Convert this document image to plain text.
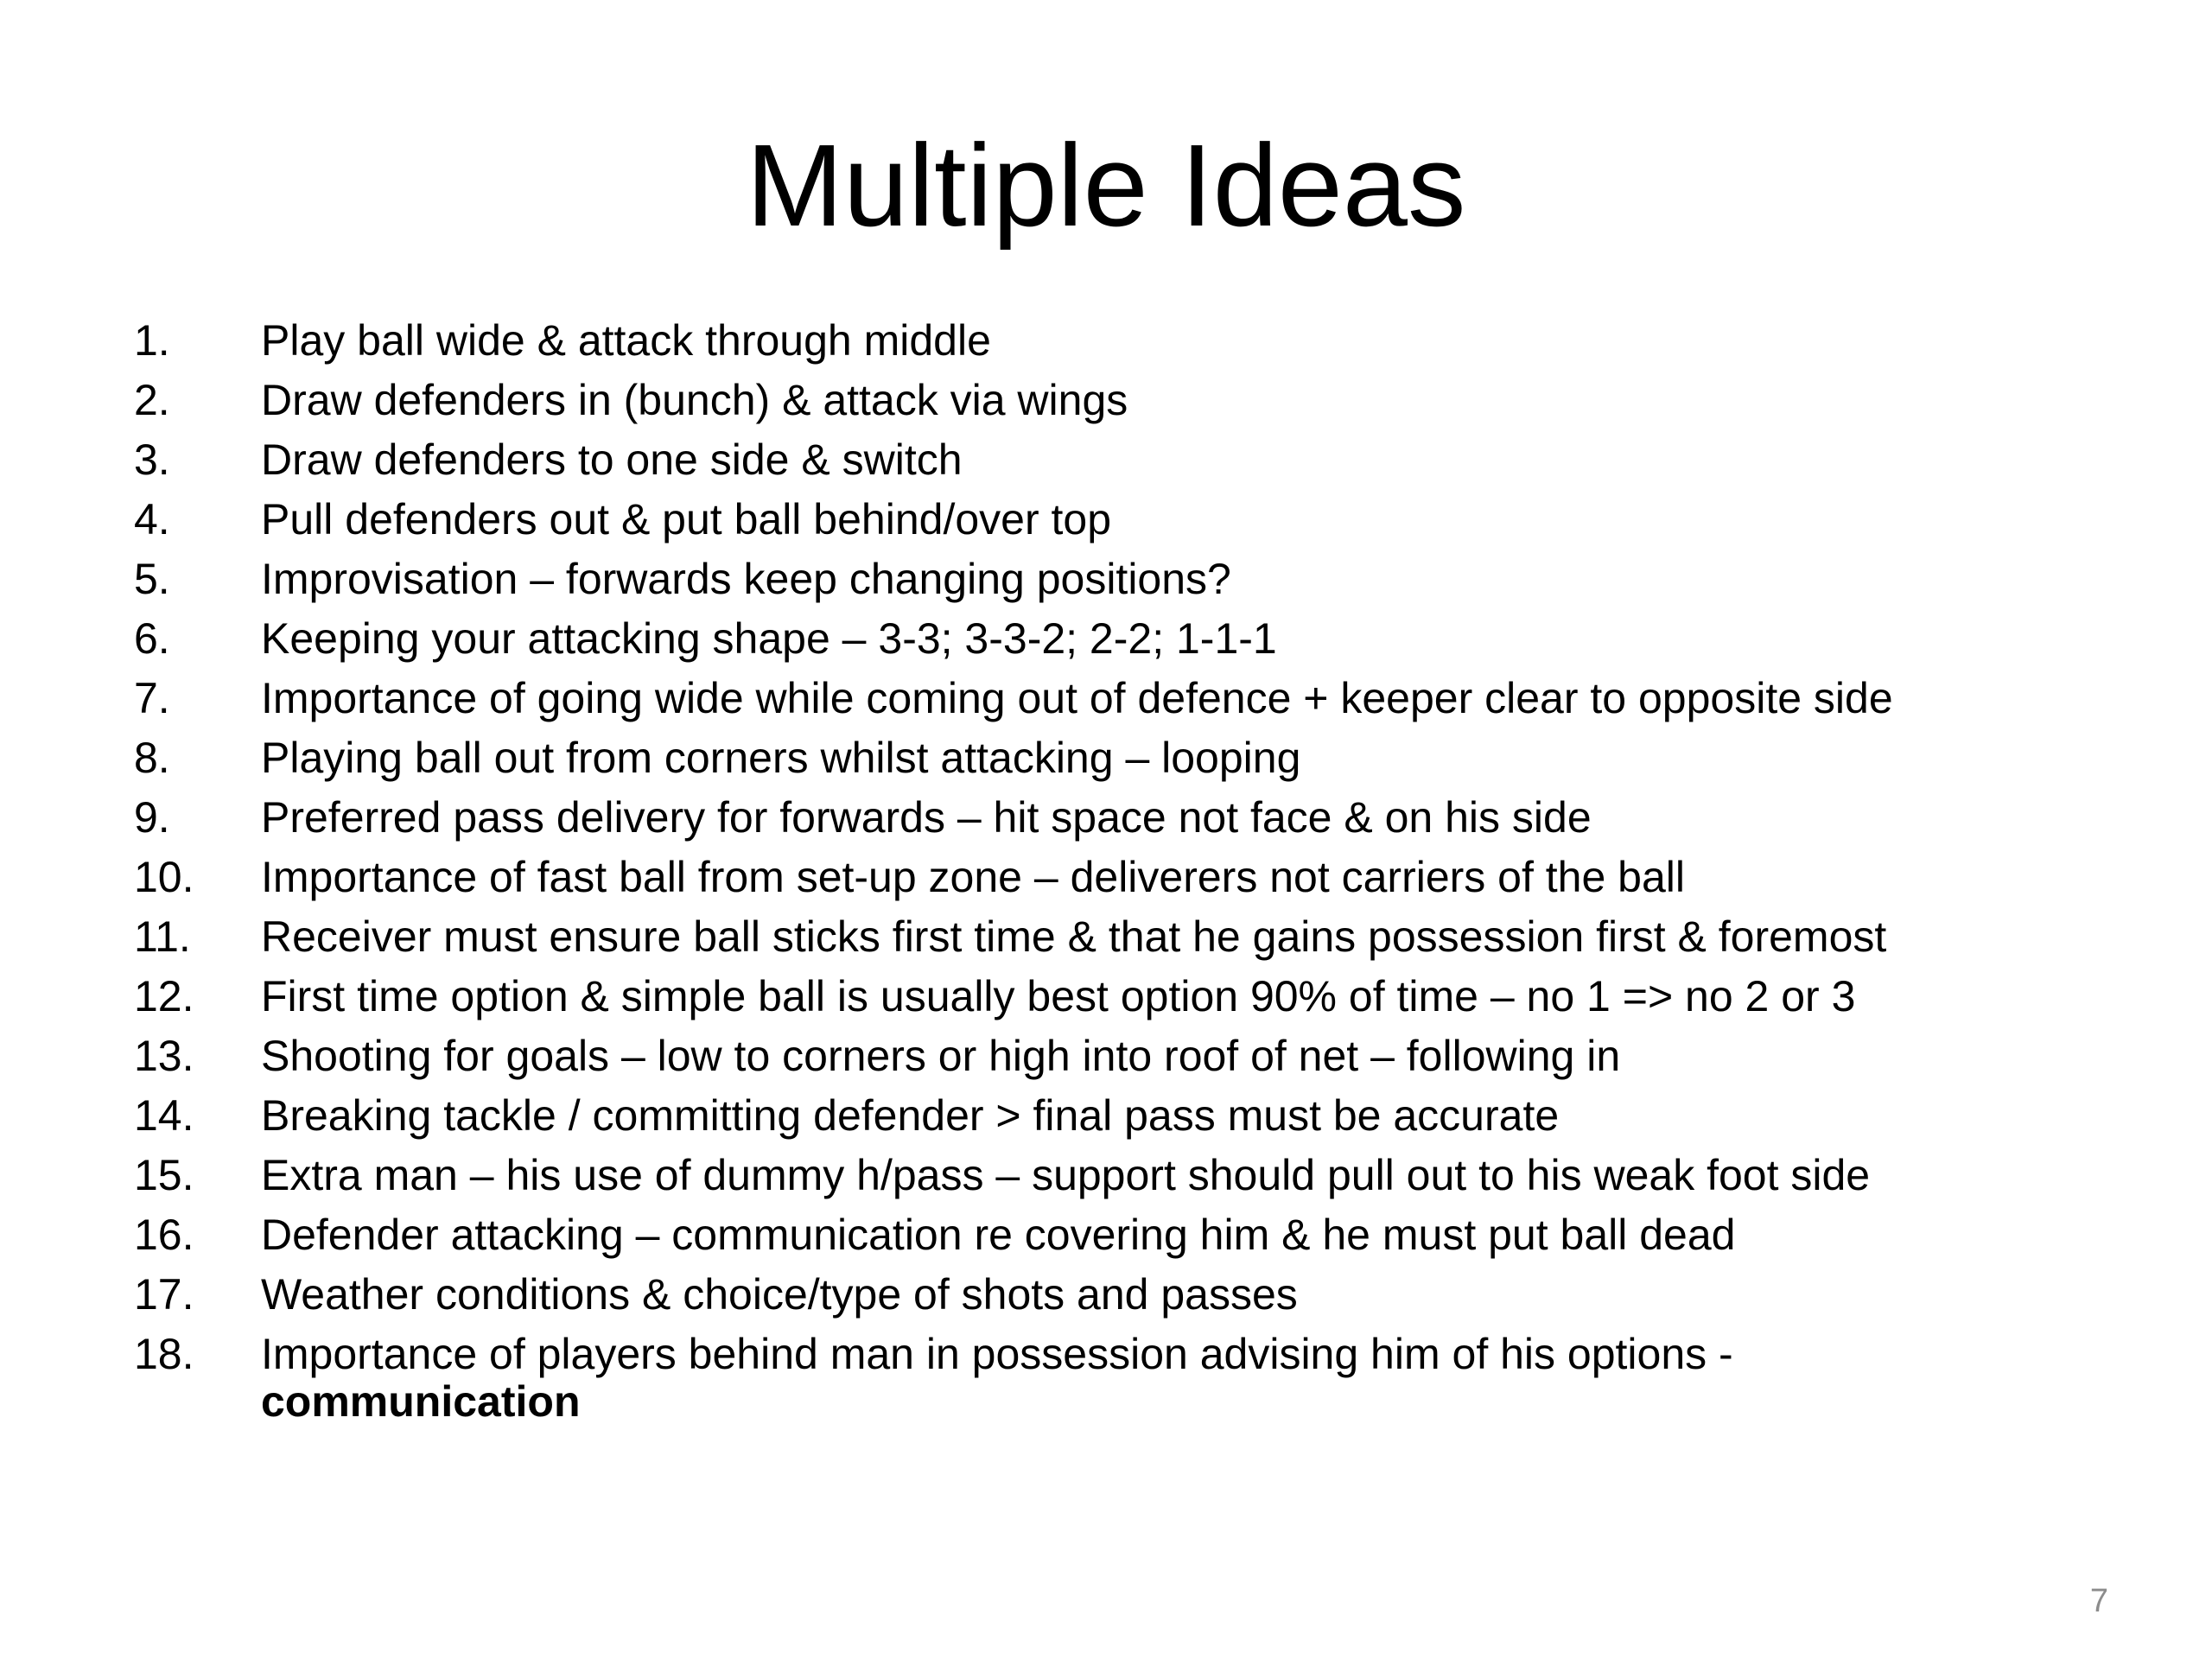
Multiple Ideas
1.	Play ball wide & attack through middle
2.	Draw defenders in (bunch) & attack via wings
3.	Draw defenders to one side & switch
4.	Pull defenders out & put ball behind/over top
5.	Improvisation – forwards keep changing positions?
6.	Keeping your attacking shape – 3-3; 3-3-2; 2-2; 1-1-1
7.	Importance of going wide while coming out of defence + keeper clear to opposite side
8.	Playing ball out from corners whilst attacking – looping
9.	Preferred pass delivery for forwards – hit space not face & on his side
10.	Importance of fast ball from set-up zone – deliverers not carriers of the ball
11.	Receiver must ensure ball sticks first time & that he gains possession first & foremost
12.	First time option & simple ball is usually best option 90% of time – no 1 => no 2 or 3
13.	Shooting for goals – low to corners or high into roof of net – following in
14.	Breaking tackle / committing defender > final pass must be accurate
15.	Extra man – his use of dummy h/pass – support should pull out to his weak foot side
16.	Defender attacking – communication re covering him & he must put ball dead
17.	Weather conditions & choice/type of shots and passes
18.	Importance of players behind man in possession advising him of his options -
communication
7
